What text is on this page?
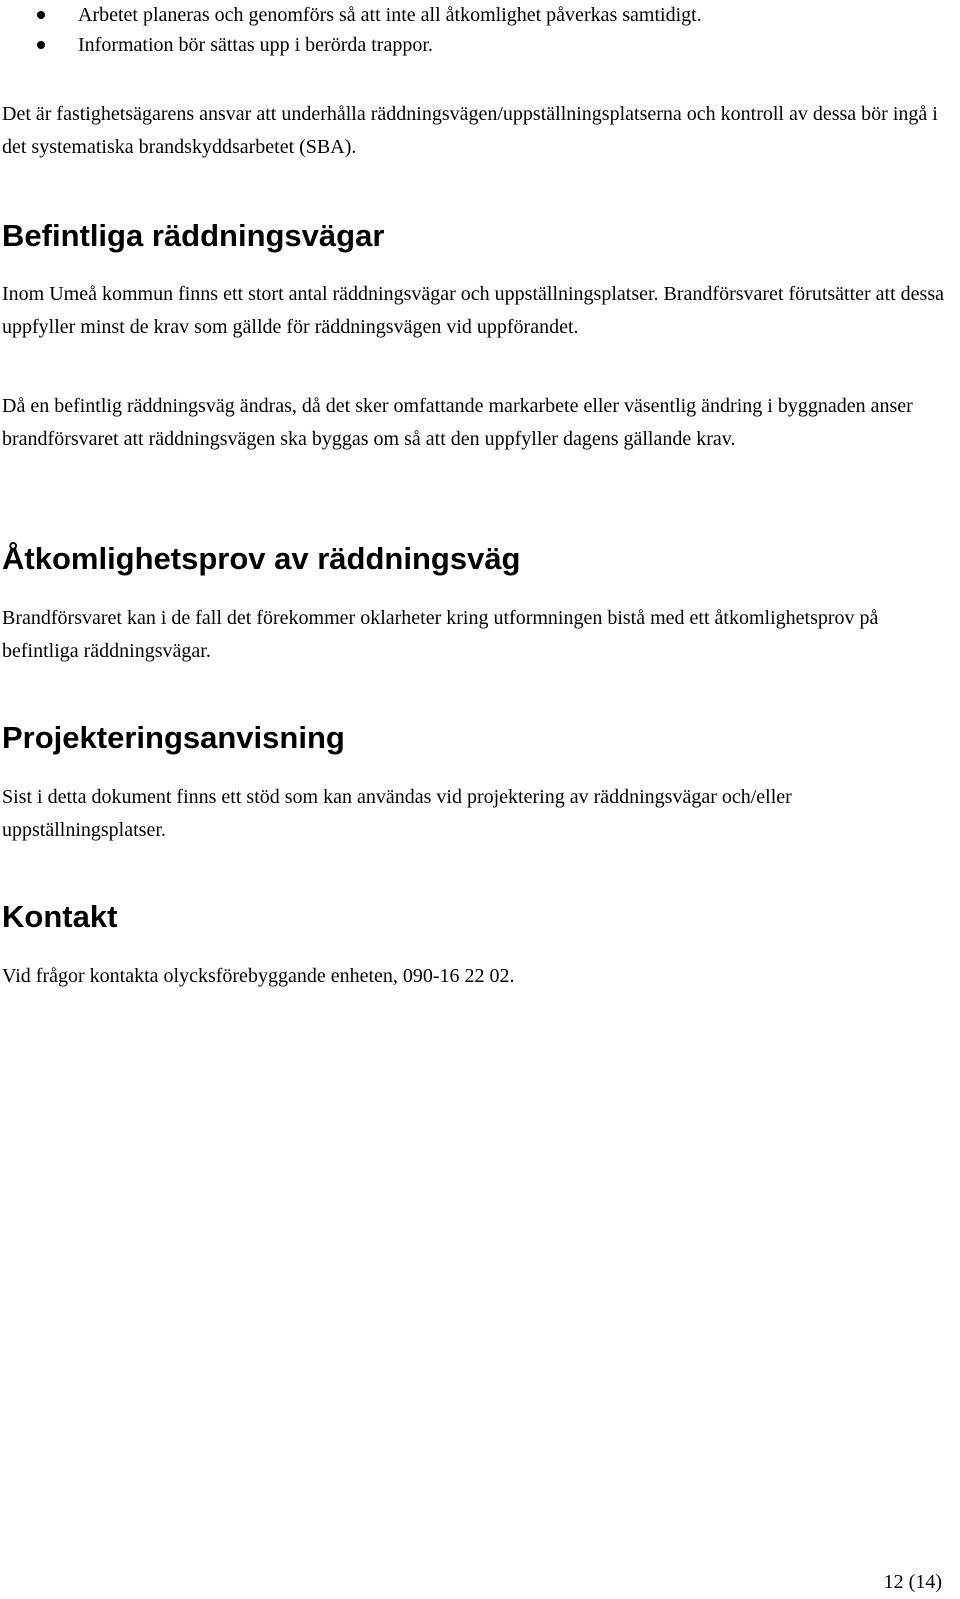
Arbetet planeras och genomförs så att inte all åtkomlighet påverkas samtidigt.
Information bör sättas upp i berörda trappor.

Det är fastighetsägarens ansvar att underhålla räddningsvägen/uppställningsplatserna och kontroll av dessa bör ingå i det systematiska brandskyddsarbetet (SBA).

Befintliga räddningsvägar

Inom Umeå kommun finns ett stort antal räddningsvägar och uppställningsplatser. Brandförsvaret förutsätter att dessa uppfyller minst de krav som gällde för räddningsvägen vid uppförandet.

Då en befintlig räddningsväg ändras, då det sker omfattande markarbete eller väsentlig ändring i byggnaden anser brandförsvaret att räddningsvägen ska byggas om så att den uppfyller dagens gällande krav.

Åtkomlighetsprov av räddningsväg

Brandförsvaret kan i de fall det förekommer oklarheter kring utformningen bistå med ett åtkomlighetsprov på befintliga räddningsvägar.

Projekteringsanvisning

Sist i detta dokument finns ett stöd som kan användas vid projektering av räddningsvägar och/eller uppställningsplatser.

Kontakt

Vid frågor kontakta olycksförebyggande enheten, 090-16 22 02.

12 (14)
